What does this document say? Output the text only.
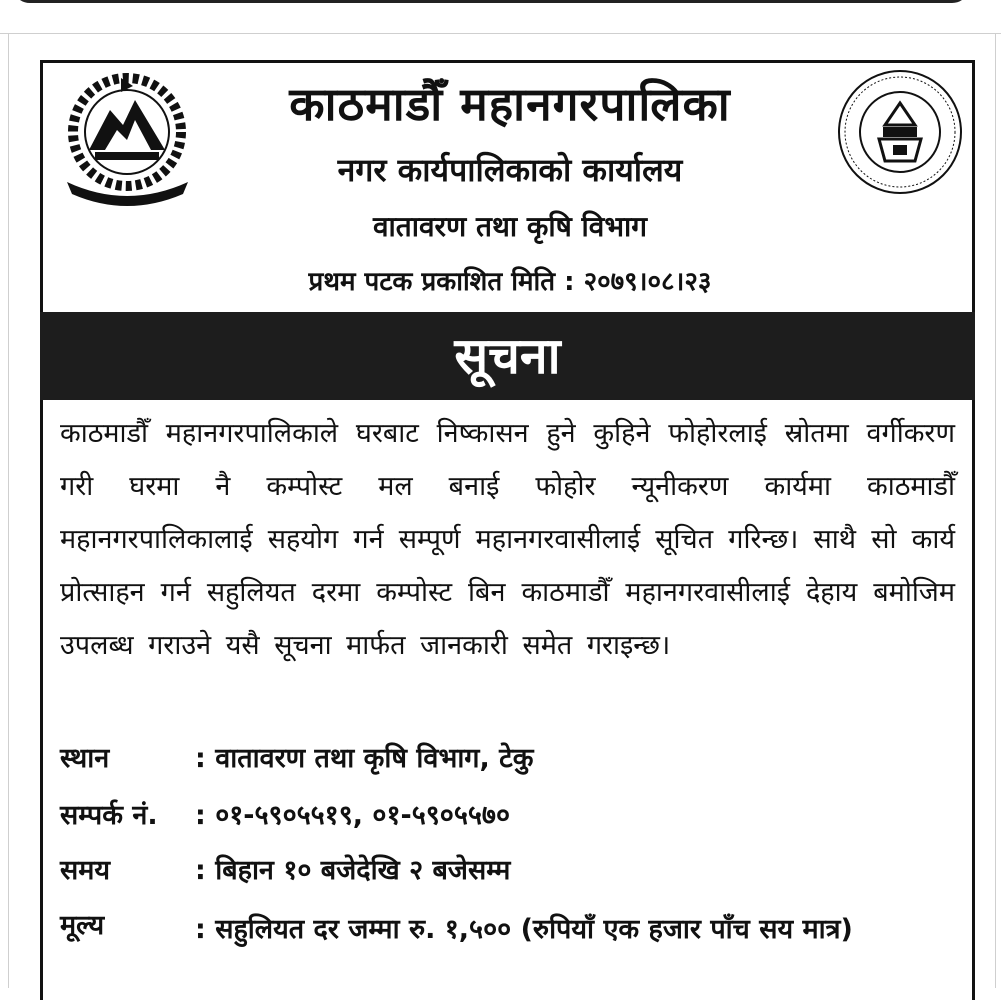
काठमाडौँ महानगरपालिका
नगर कार्यपालिकाको कार्यालय
वातावरण तथा कृषि विभाग
प्रथम पटक प्रकाशित मिति : २०७९।०८।२३
सूचना
काठमाडौँ महानगरपालिकाले घरबाट निष्कासन हुने कुहिने फोहोरलाई स्रोतमा वर्गीकरण गरी घरमा नै कम्पोस्ट मल बनाई फोहोर न्यूनीकरण कार्यमा काठमाडौँ महानगरपालिकालाई सहयोग गर्न सम्पूर्ण महानगरवासीलाई सूचित गरिन्छ। साथै सो कार्य प्रोत्साहन गर्न सहुलियत दरमा कम्पोस्ट बिन काठमाडौँ महानगरवासीलाई देहाय बमोजिम उपलब्ध गराउने यसै सूचना मार्फत जानकारी समेत गराइन्छ।
स्थान	: वातावरण तथा कृषि विभाग, टेकु
सम्पर्क नं. : ०१-५९०५५१९, ०१-५९०५५७०
समय	: बिहान १० बजेदेखि २ बजेसम्म
मूल्य	: सहुलियत दर जम्मा रु. १,५०० (रुपियाँ एक हजार पाँच सय मात्र)
